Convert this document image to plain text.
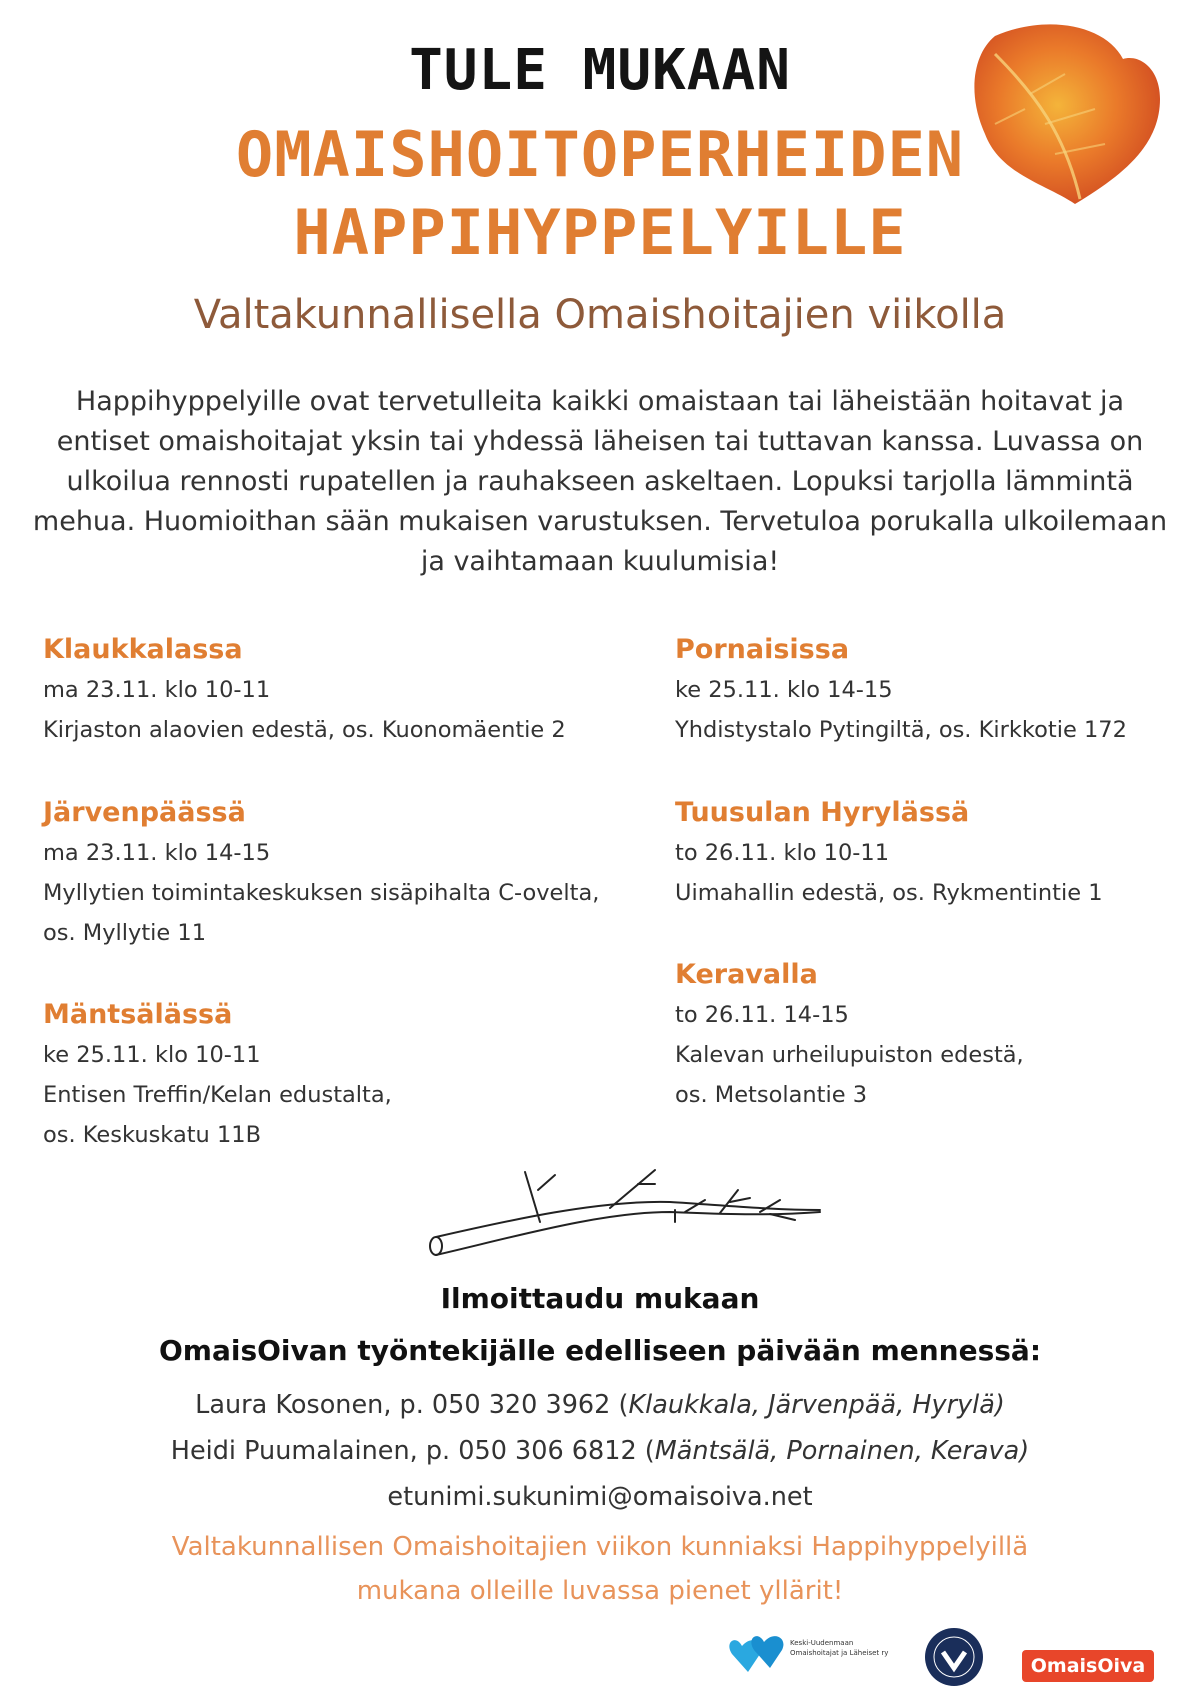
TULE MUKAAN
OMAISHOITOPERHEIDEN
HAPPIHYPPELYILLE
Valtakunnallisella Omaishoitajien viikolla
Happihyppelyille ovat tervetulleita kaikki omaistaan tai läheistään hoitavat ja entiset omaishoitajat yksin tai yhdessä läheisen tai tuttavan kanssa. Luvassa on ulkoilua rennosti rupatellen ja rauhakseen askeltaen. Lopuksi tarjolla lämmintä mehua. Huomioithan sään mukaisen varustuksen. Tervetuloa porukalla ulkoilemaan ja vaihtamaan kuulumisia!
Klaukkalassa
ma 23.11. klo 10-11
Kirjaston alaovien edestä, os. Kuonomäentie 2
Järvenpäässä
ma 23.11. klo 14-15
Myllytien toimintakeskuksen sisäpihalta C-ovelta,
os. Myllytie 11
Mäntsälässä
ke 25.11. klo 10-11
Entisen Treffin/Kelan edustalta,
os. Keskuskatu 11B
Pornaisissa
ke 25.11. klo 14-15
Yhdistystalo Pytingiltä, os. Kirkkotie 172
Tuusulan Hyrylässä
to 26.11. klo 10-11
Uimahallin edestä, os. Rykmentintie 1
Keravalla
to 26.11. 14-15
Kalevan urheilupuiston edestä,
os. Metsolantie 3
Ilmoittaudu mukaan
OmaisOivan työntekijälle edelliseen päivään mennessä:
Laura Kosonen, p. 050 320 3962 (Klaukkala, Järvenpää, Hyrylä)
Heidi Puumalainen, p. 050 306 6812 (Mäntsälä, Pornainen, Kerava)
etunimi.sukunimi@omaisoiva.net
Valtakunnallisen Omaishoitajien viikon kunniaksi Happihyppelyillä
mukana olleille luvassa pienet yllärit!
Keski-Uudenmaan
Omaishoitajat ja Läheiset ry
OmaisOiva
